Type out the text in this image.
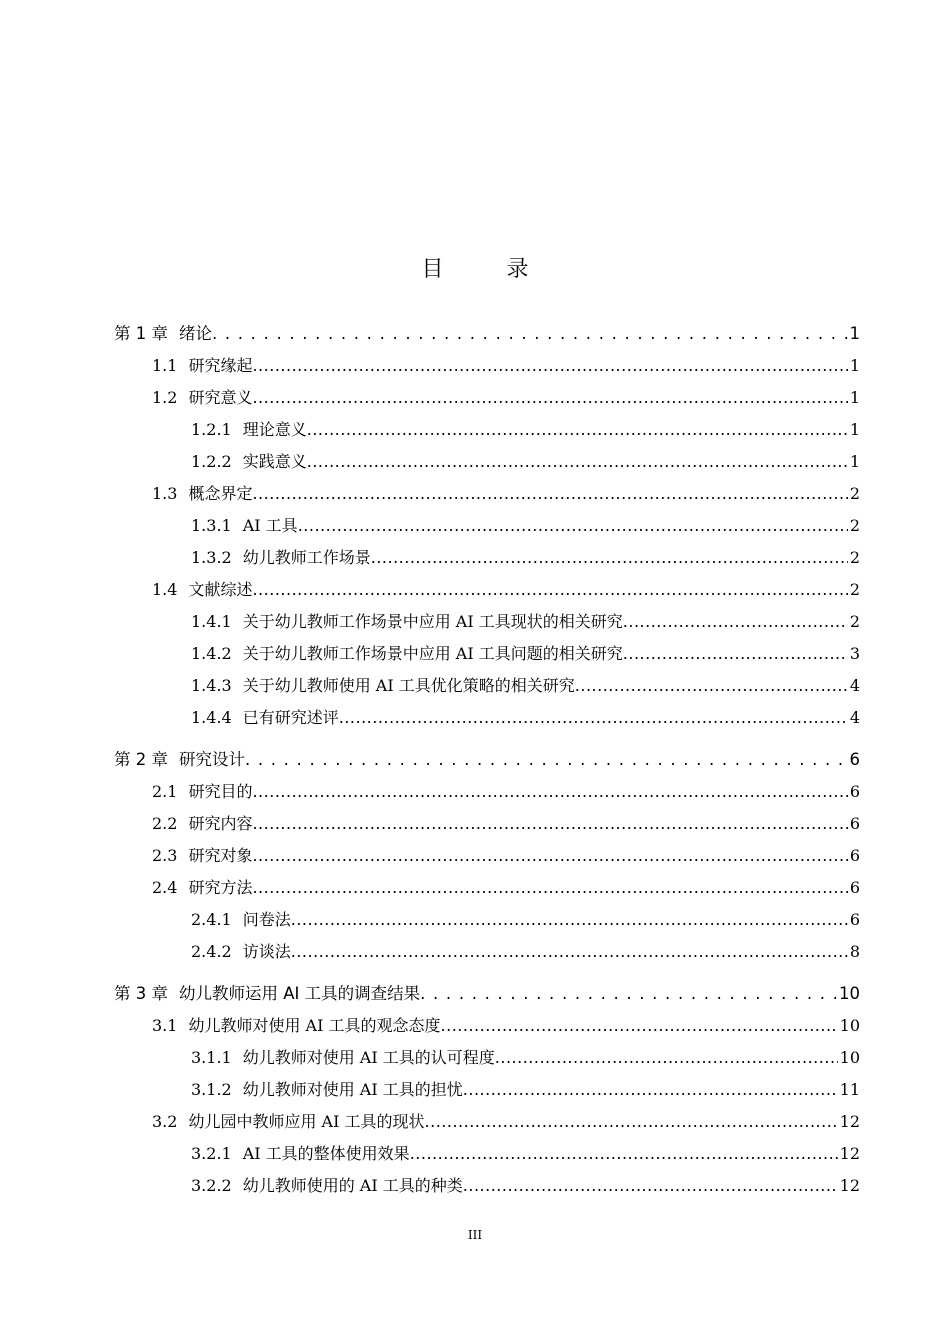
目 录
第 1 章 绪论 . . .	1
1.1 研究缘起 .....	1
1.2 研究意义 .....	1
1.2.1 理论意义 .....	1
1.2.2 实践意义 .....	1
1.3 概念界定 .....	2
1.3.1 AI 工具 .....	2
1.3.2 幼儿教师工作场景 .....	2
1.4 文献综述 .....	2
1.4.1 关于幼儿教师工作场景中应用 AI 工具现状的相关研究 .....	2
1.4.2 关于幼儿教师工作场景中应用 AI 工具问题的相关研究 .....	3
1.4.3 关于幼儿教师使用 AI 工具优化策略的相关研究 .....	4
1.4.4 已有研究述评 .....	4
第 2 章 研究设计 . . .	6
2.1 研究目的 .....	6
2.2 研究内容 .....	6
2.3 研究对象 .....	6
2.4 研究方法 .....	6
2.4.1 问卷法 .....	6
2.4.2 访谈法 .....	8
第 3 章 幼儿教师运用 AI 工具的调查结果 . . .	10
3.1 幼儿教师对使用 AI 工具的观念态度 .....	10
3.1.1 幼儿教师对使用 AI 工具的认可程度 .....	10
3.1.2 幼儿教师对使用 AI 工具的担忧 .....	11
3.2 幼儿园中教师应用 AI 工具的现状 .....	12
3.2.1 AI 工具的整体使用效果 .....	12
3.2.2 幼儿教师使用的 AI 工具的种类 .....	12
III
